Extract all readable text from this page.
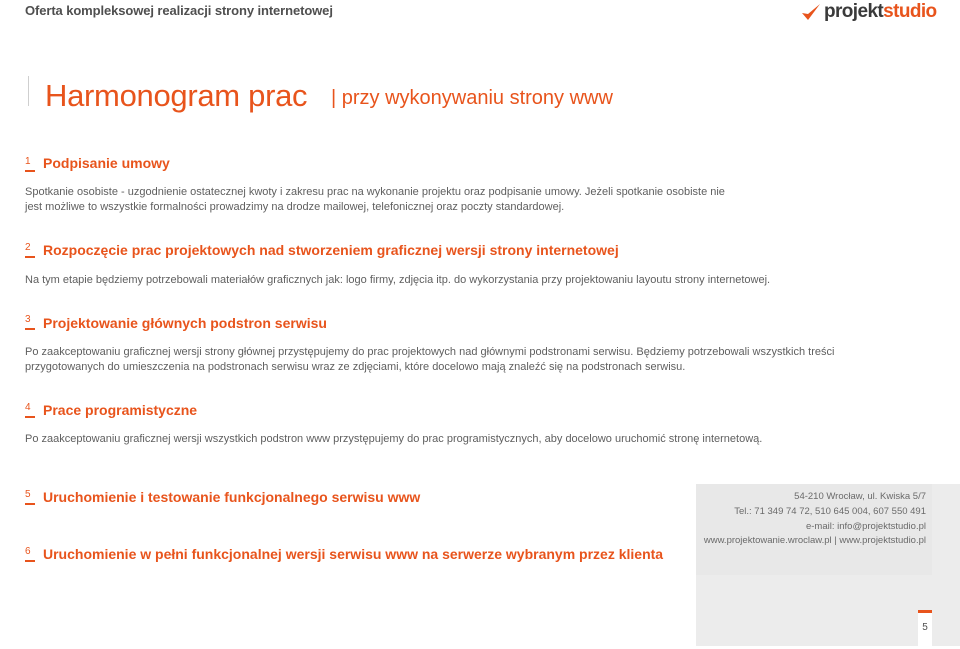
Oferta kompleksowej realizacji strony internetowej	projektstudio
Harmonogram prac | przy wykonywaniu strony www
1 Podpisanie umowy
Spotkanie osobiste - uzgodnienie ostatecznej kwoty i zakresu prac na wykonanie projektu oraz podpisanie umowy. Jeżeli spotkanie osobiste nie jest możliwe to wszystkie formalności prowadzimy na drodze mailowej, telefonicznej oraz poczty standardowej.
2 Rozpoczęcie prac projektowych nad stworzeniem graficznej wersji strony internetowej
Na tym etapie będziemy potrzebowali materiałów graficznych jak: logo firmy, zdjęcia itp. do wykorzystania przy projektowaniu layoutu strony internetowej.
3 Projektowanie głównych podstron serwisu
Po zaakceptowaniu graficznej wersji strony głównej przystępujemy do prac projektowych nad głównymi podstronami serwisu. Będziemy potrzebowali wszystkich treści przygotowanych do umieszczenia na podstronach serwisu wraz ze zdjęciami, które docelowo mają znaleźć się na podstronach serwisu.
4 Prace programistyczne
Po zaakceptowaniu graficznej wersji wszystkich podstron www przystępujemy do prac programistycznych, aby docelowo uruchomić stronę internetową.
5 Uruchomienie i testowanie funkcjonalnego serwisu www
6 Uruchomienie w pełni funkcjonalnej wersji serwisu www na serwerze wybranym przez klienta
54-210 Wrocław, ul. Kwiska 5/7
Tel.: 71 349 74 72, 510 645 004, 607 550 491
e-mail: info@projektstudio.pl
www.projektowanie.wroclaw.pl | www.projektstudio.pl
5
